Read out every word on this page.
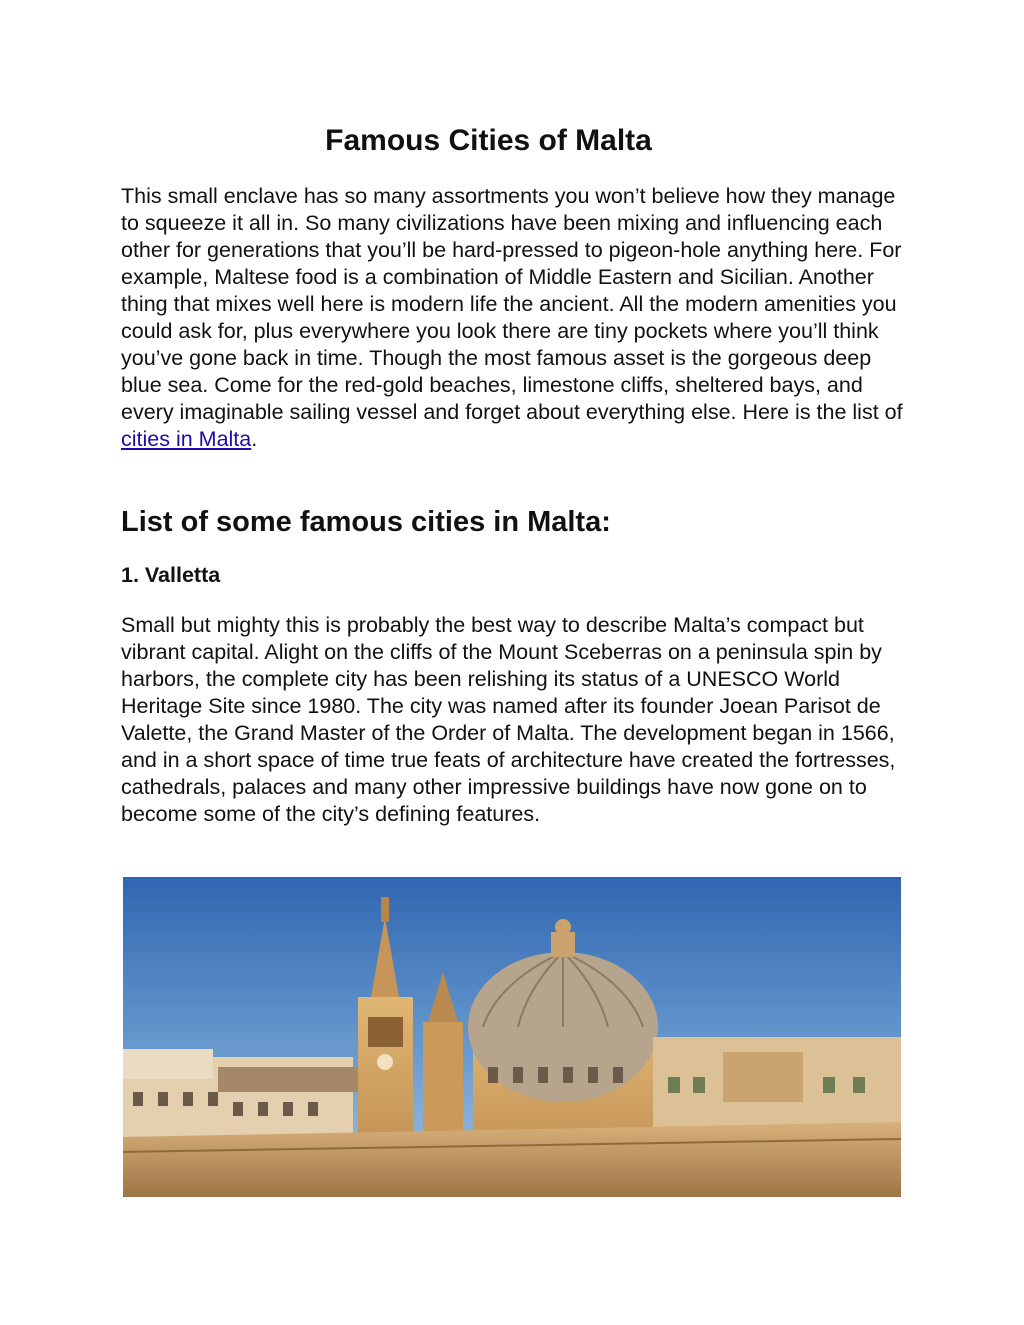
Famous Cities of Malta

This small enclave has so many assortments you won’t believe how they manage to squeeze it all in. So many civilizations have been mixing and influencing each other for generations that you’ll be hard-pressed to pigeon-hole anything here. For example, Maltese food is a combination of Middle Eastern and Sicilian. Another thing that mixes well here is modern life the ancient. All the modern amenities you could ask for, plus everywhere you look there are tiny pockets where you’ll think you’ve gone back in time. Though the most famous asset is the gorgeous deep blue sea. Come for the red-gold beaches, limestone cliffs, sheltered bays, and every imaginable sailing vessel and forget about everything else. Here is the list of cities in Malta.

List of some famous cities in Malta:
1. Valletta

Small but mighty this is probably the best way to describe Malta’s compact but vibrant capital. Alight on the cliffs of the Mount Sceberras on a peninsula spin by harbors, the complete city has been relishing its status of a UNESCO World Heritage Site since 1980. The city was named after its founder Joean Parisot de Valette, the Grand Master of the Order of Malta. The development began in 1566, and in a short space of time true feats of architecture have created the fortresses, cathedrals, palaces and many other impressive buildings have now gone on to become some of the city’s defining features.
